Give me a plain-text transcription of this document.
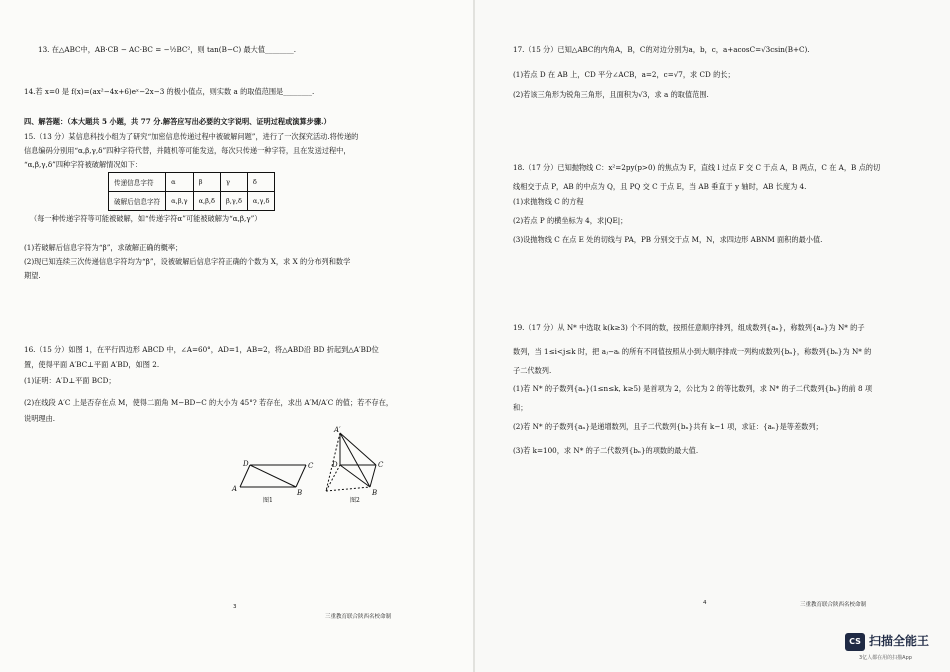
13. 在△ABC中，AB·CB − AC·BC = −½BC²，则 tan(B−C) 最大值________.
14.若 x=0 是 f(x)=(ax²−4x+6)eˣ−2x−3 的极小值点，则实数 a 的取值范围是________.
四、解答题：（本大题共 5 小题，共 77 分.解答应写出必要的文字说明、证明过程或演算步骤.）
15.（13 分）某信息科技小组为了研究“加密信息传递过程中被破解问题”，进行了一次探究活动.将传递的
信息编码分别用“α,β,γ,δ”四种字符代替，并随机等可能发送，每次只传递一种字符，且在发送过程中，
“α,β,γ,δ”四种字符被破解情况如下：
传递信息字符	α	β	γ	δ
破解后信息字符	α,β,γ	α,β,δ	β,γ,δ	α,γ,δ
（每一种传递字符等可能被破解，如“传递字符α”可能被破解为“α,β,γ”）
(1)若破解后信息字符为“β”，求破解正确的概率；
(2)现已知连续三次传递信息字符均为“β”，设被破解后信息字符正确的个数为 X，求 X 的分布列和数学
期望.
16.（15 分）如图 1，在平行四边形 ABCD 中，∠A=60°，AD=1，AB=2，将△ABD沿 BD 折起到△A′BD位
置，使得平面 A′BC⊥平面 A′BD，如图 2.
(1)证明：A′D⊥平面 BCD；
(2)在线段 A′C 上是否存在点 M，使得二面角 M−BD−C 的大小为 45°? 若存在，求出 A′M/A′C 的值；若不存在，
说明理由.
A	B
C
D
A′
D	C
B
图1	图2
3
三重教育联合陕西名校命制
17.（15 分）已知△ABC的内角A，B，C的对边分别为a，b，c，a+acosC=√3csin(B+C).
(1)若点 D 在 AB 上，CD 平分∠ACB，a=2，c=√7，求 CD 的长；
(2)若该三角形为锐角三角形，且面积为√3，求 a 的取值范围.
18.（17 分）已知抛物线 C：x²=2py(p>0) 的焦点为 F，直线 l 过点 F 交 C 于点 A，B 两点，C 在 A，B 点的切
线相交于点 P，AB 的中点为 Q，且 PQ 交 C 于点 E，当 AB 垂直于 y 轴时，AB 长度为 4.
(1)求抛物线 C 的方程
(2)若点 P 的横坐标为 4，求|QE|；
(3)设抛物线 C 在点 E 处的切线与 PA，PB 分别交于点 M，N，求四边形 ABNM 面积的最小值.
19.（17 分）从 N* 中选取 k(k≥3) 个不同的数，按照任意顺序排列，组成数列{aₙ}，称数列{aₙ}为 N* 的子
数列，当 1≤i<j≤k 时，把 aⱼ−aᵢ 的所有不同值按照从小到大顺序排成一列构成数列{bₙ}，称数列{bₙ}为 N* 的
子二代数列.
(1)若 N* 的子数列{aₙ}(1≤n≤k, k≥5) 是首项为 2，公比为 2 的等比数列，求 N* 的子二代数列{bₙ}的前 8 项
和；
(2)若 N* 的子数列{aₙ}是递增数列，且子二代数列{bₙ}共有 k−1 项，求证：{aₙ}是等差数列；
(3)若 k=100，求 N* 的子二代数列{bₙ}的项数的最大值.
4	三重教育联合陕西名校命制
CS 扫描全能王
3亿人都在用的扫描App
